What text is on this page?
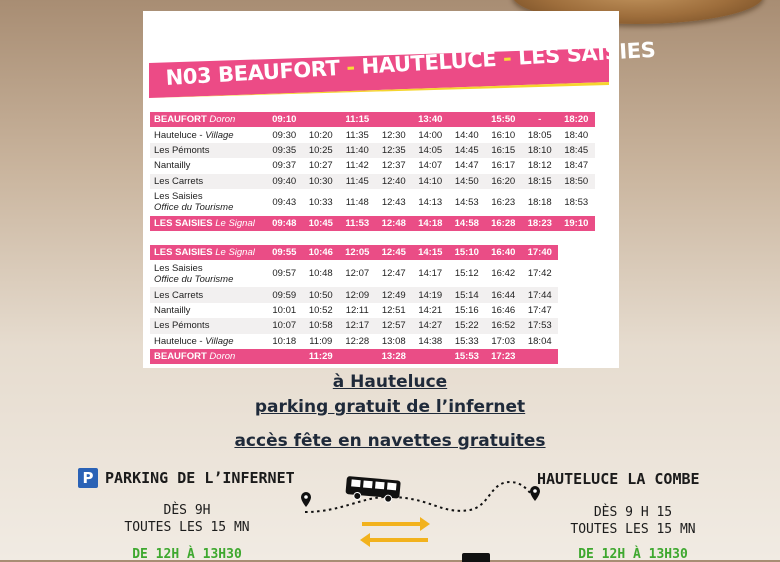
N03 BEAUFORT - HAUTELUCE - LES SAISIES
BEAUFORT Doron	09:10		11:15		13:40		15:50	-	18:20
Hauteluce - Village	09:30	10:20	11:35	12:30	14:00	14:40	16:10	18:05	18:40
Les Pémonts	09:35	10:25	11:40	12:35	14:05	14:45	16:15	18:10	18:45
Nantailly	09:37	10:27	11:42	12:37	14:07	14:47	16:17	18:12	18:47
Les Carrets	09:40	10:30	11:45	12:40	14:10	14:50	16:20	18:15	18:50
Les Saisies
Office du Tourisme	09:43	10:33	11:48	12:43	14:13	14:53	16:23	18:18	18:53
LES SAISIES Le Signal	09:48	10:45	11:53	12:48	14:18	14:58	16:28	18:23	19:10
LES SAISIES Le Signal	09:55	10:46	12:05	12:45	14:15	15:10	16:40	17:40	
Les Saisies
Office du Tourisme	09:57	10:48	12:07	12:47	14:17	15:12	16:42	17:42	
Les Carrets	09:59	10:50	12:09	12:49	14:19	15:14	16:44	17:44	
Nantailly	10:01	10:52	12:11	12:51	14:21	15:16	16:46	17:47	
Les Pémonts	10:07	10:58	12:17	12:57	14:27	15:22	16:52	17:53	
Hauteluce - Village	10:18	11:09	12:28	13:08	14:38	15:33	17:03	18:04	
BEAUFORT Doron		11:29		13:28		15:53	17:23		
à Hauteluce
parking gratuit de l’infernet
accès fête en navettes gratuites
P PARKING DE L’INFERNET	HAUTELUCE LA COMBE
DÈS 9H
TOUTES LES 15 MN
DE 12H À 13H30
DÈS 9 H 15
TOUTES LES 15 MN
DE 12H À 13H30
